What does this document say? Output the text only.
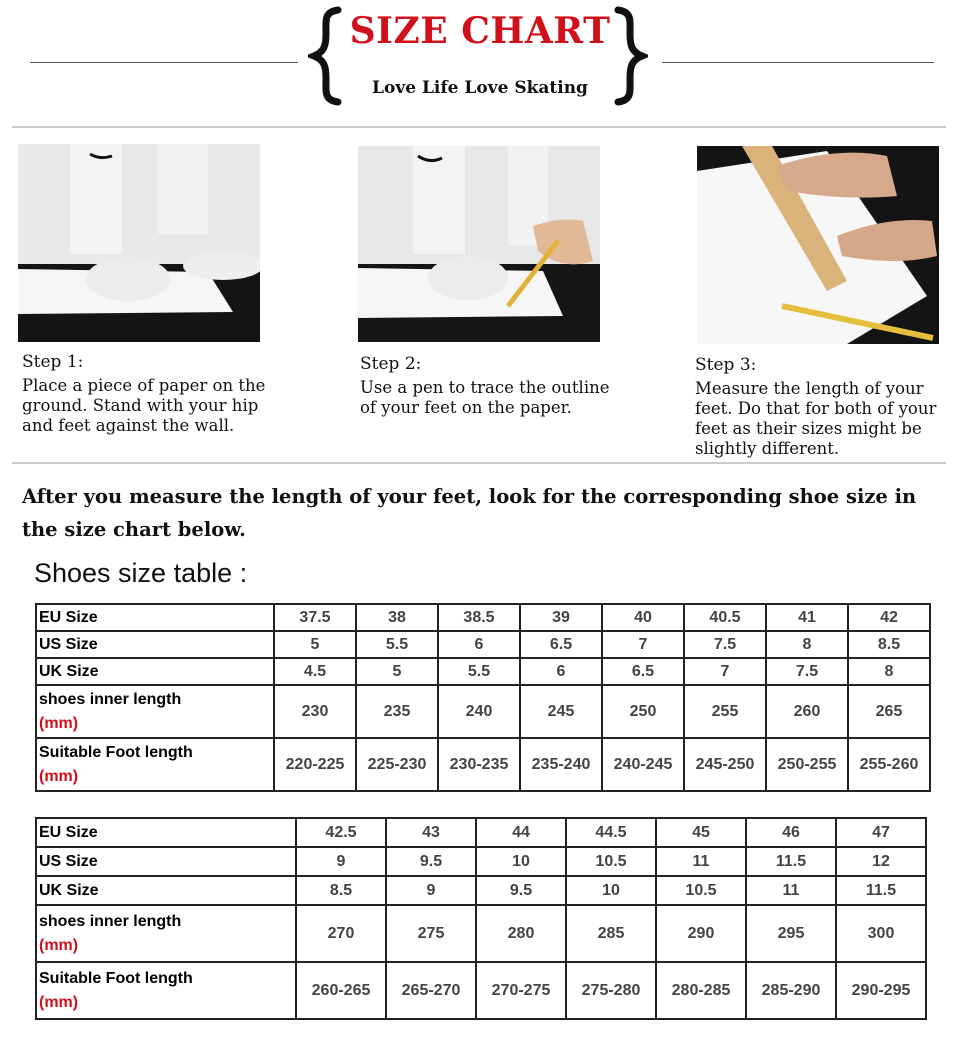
SIZE CHART
Love Life Love Skating
Step 1:
Place a piece of paper on the
ground. Stand with your hip
and feet against the wall.
Step 2:
Use a pen to trace the outline
of your feet on the paper.
Step 3:
Measure the length of your
feet. Do that for both of your
feet as their sizes might be
slightly different.
After you measure the length of your feet, look for the corresponding shoe size in the size chart below.
Shoes size table :
EU Size	37.5	38	38.5	39	40	40.5	41	42
US Size	5	5.5	6	6.5	7	7.5	8	8.5
UK Size	4.5	5	5.5	6	6.5	7	7.5	8
shoes inner length
(mm)	230	235	240	245	250	255	260	265
Suitable Foot length
(mm)	220-225	225-230	230-235	235-240	240-245	245-250	250-255	255-260
EU Size	42.5	43	44	44.5	45	46	47
US Size	9	9.5	10	10.5	11	11.5	12
UK Size	8.5	9	9.5	10	10.5	11	11.5
shoes inner length
(mm)	270	275	280	285	290	295	300
Suitable Foot length
(mm)	260-265	265-270	270-275	275-280	280-285	285-290	290-295
